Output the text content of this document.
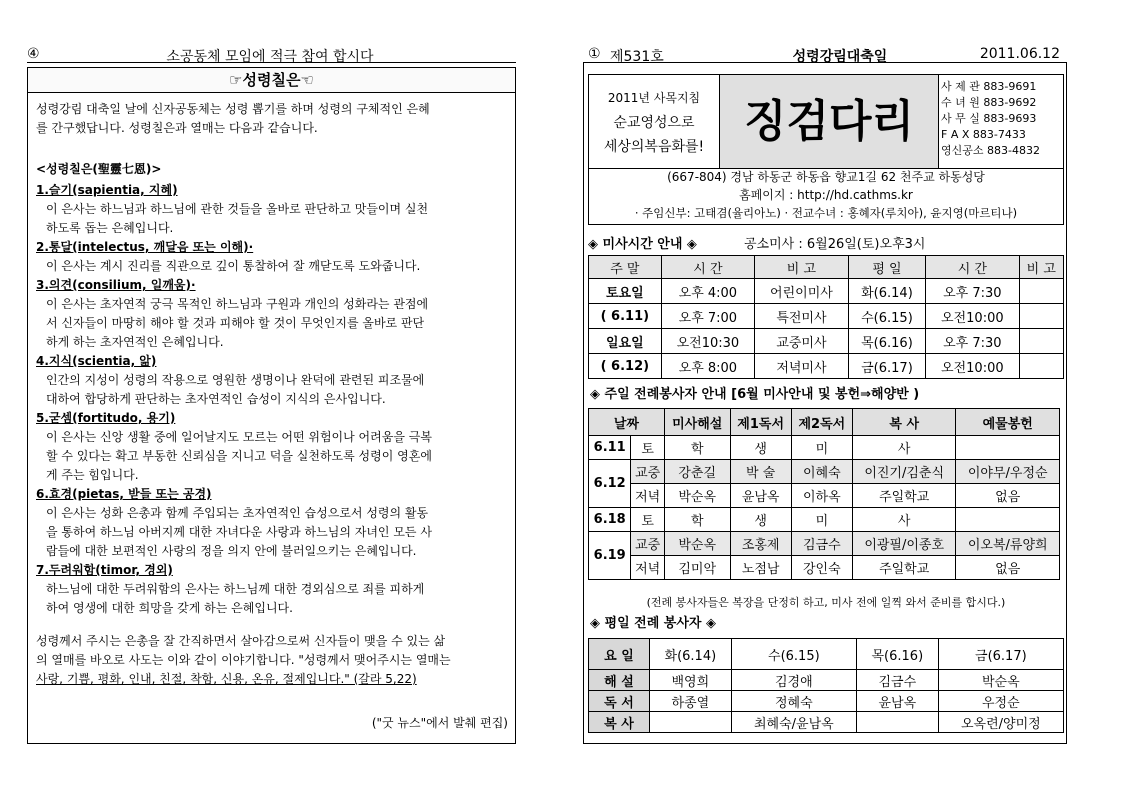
④	소공동체 모임에 적극 참여 합시다
☞성령칠은☜
성령강림 대축일 날에 신자공동체는 성령 뽑기를 하며 성령의 구체적인 은혜
를 간구했답니다. 성령칠은과 열매는 다음과 같습니다.
<성령칠은(聖靈七恩)>
1.슬기(sapientia, 지혜)
이 은사는 하느님과 하느님에 관한 것들을 올바로 판단하고 맛들이며 실천
하도록 돕는 은혜입니다.
2.통달(intelectus, 깨달음 또는 이해)·
이 은사는 계시 진리를 직관으로 깊이 통찰하여 잘 깨닫도록 도와줍니다.
3.의견(consilium, 일깨움)·
이 은사는 초자연적 궁극 목적인 하느님과 구원과 개인의 성화라는 관점에
서 신자들이 마땅히 해야 할 것과 피해야 할 것이 무엇인지를 올바로 판단
하게 하는 초자연적인 은혜입니다.
4.지식(scientia, 앎)
인간의 지성이 성령의 작용으로 영원한 생명이나 완덕에 관련된 피조물에
대하여 합당하게 판단하는 초자연적인 습성이 지식의 은사입니다.
5.굳셈(fortitudo, 용기)
이 은사는 신앙 생활 중에 일어날지도 모르는 어떤 위험이나 어려움을 극복
할 수 있다는 확고 부동한 신뢰심을 지니고 덕을 실천하도록 성령이 영혼에
게 주는 힘입니다.
6.효경(pietas, 받들 또는 공경)
이 은사는 성화 은총과 함께 주입되는 초자연적인 습성으로서 성령의 활동
을 통하여 하느님 아버지께 대한 자녀다운 사랑과 하느님의 자녀인 모든 사
람들에 대한 보편적인 사랑의 정을 의지 안에 불러일으키는 은혜입니다.
7.두려워함(timor, 경외)
하느님에 대한 두려워함의 은사는 하느님께 대한 경외심으로 죄를 피하게
하여 영생에 대한 희망을 갖게 하는 은혜입니다.
성령께서 주시는 은총을 잘 간직하면서 살아감으로써 신자들이 맺을 수 있는 삶
의 열매를 바오로 사도는 이와 같이 이야기합니다. "성령께서 맺어주시는 열매는
사랑, 기쁨, 평화, 인내, 친절, 착함, 신용, 온유, 절제입니다." (갈라 5,22)
("굿 뉴스"에서 발췌 편집)
① 제531호	성령강림대축일	2011.06.12
2011년 사목지침
순교영성으로
세상의복음화를! 징검다리
사 제 관 883-9691
수 녀 원 883-9692
사 무 실 883-9693
F A X 883-7433
영신공소 883-4832
(667-804) 경남 하동군 하동읍 향교1길 62 천주교 하동성당
홈페이지 : http://hd.cathms.kr
· 주임신부: 고태겸(율리아노) · 전교수녀 : 홍혜자(루치아), 윤지영(마르티나)
◈ 미사시간 안내 ◈	공소미사 : 6월26일(토)오후3시
주 말	시 간	비 고	평 일	시 간	비 고
토요일	오후 4:00	어린이미사	화(6.14)	오후 7:30	
( 6.11)	오후 7:00	특전미사	수(6.15)	오전10:00	
일요일	오전10:30	교중미사	목(6.16)	오후 7:30	
( 6.12)	오후 8:00	저녁미사	금(6.17)	오전10:00	
◈ 주일 전례봉사자 안내 [6월 미사안내 및 봉헌⇒해양반 )
날짜		미사해설	제1독서	제2독서	복 사	예물봉헌
6.11	토	학	생	미	사	
6.12	교중	강춘길	박 술	이혜숙	이진기/김춘식	이야무/우정순
	저녁	박순옥	윤남옥	이하옥	주일학교	없음
6.18	토	학	생	미	사	
6.19	교중	박순옥	조홍제	김금수	이광필/이종호	이오복/류양희
	저녁	김미악	노점남	강인숙	주일학교	없음
(전례 봉사자들은 복장을 단정히 하고, 미사 전에 일찍 와서 준비를 합시다.)
◈ 평일 전례 봉사자 ◈
요 일	화(6.14)	수(6.15)	목(6.16)	금(6.17)
해 설	백영희	김경애	김금수	박순옥
독 서	하종열	정혜숙	윤남옥	우정순
복 사		최혜숙/윤남옥		오옥련/양미정
